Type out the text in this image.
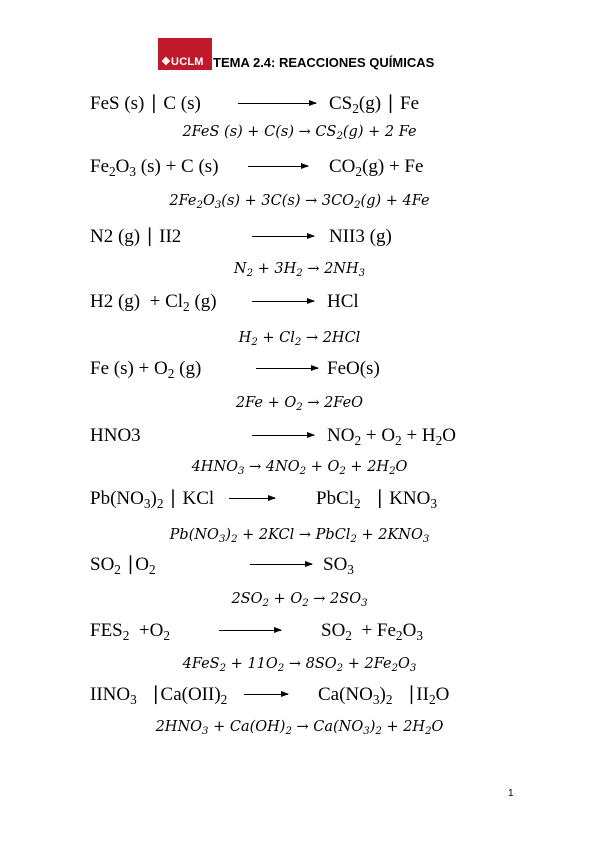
❖UCLM TEMA 2.4: REACCIONES QUÍMICAS
FeS (s) ∣ C (s)	$CS_2(g)$ ∣ Fe
2FeS $(s) + C(s) \to CS_2(g) + 2$ Fe
$Fe_2O_3$ (s) + C (s)	$CO_2(g) + Fe$
$2Fe_2O_3(s) + 3C(s) \to 3CO_2(g) + 4Fe$
N2 (g) ∣ II2	NII3 (g)
$N_2 + 3H_2 \to 2NH_3$
H2 $(g) + Cl_2$ (g)	HCl
$H_2 + Cl_2 \to 2HCl$
Fe $(s) + O_2$ (g)	FeO(s)
$2Fe + O_2 \to 2FeO$
HNO3	$NO_2 + O_2 + H_2O$
$4HNO_3 \to 4NO_2 + O_2 + 2H_2O$
$Pb(NO_3)_2$ ∣ KCl	PbCl$_2$   ∣ $KNO_3$
$Pb(NO_3)_2 + 2KCl$ → PbCl$_2$ + $2KNO_3$
$SO_2$ $∣O_2$	$SO_3$
$2SO_2 + O_2 \to 2SO_3$
$FES_2 +O_2$	$SO_2 + Fe_2O_3$
$4FeS_2 + 11O_2 \to 8SO_2 + 2Fe_2O_3$
$IINO_3$   $∣Ca(OII)_2$	$Ca(NO_3)_2$   $∣II_2O$
$2HNO_3 + Ca(OH)_2 \to Ca(NO_3)_2 + 2H_2O$
1
